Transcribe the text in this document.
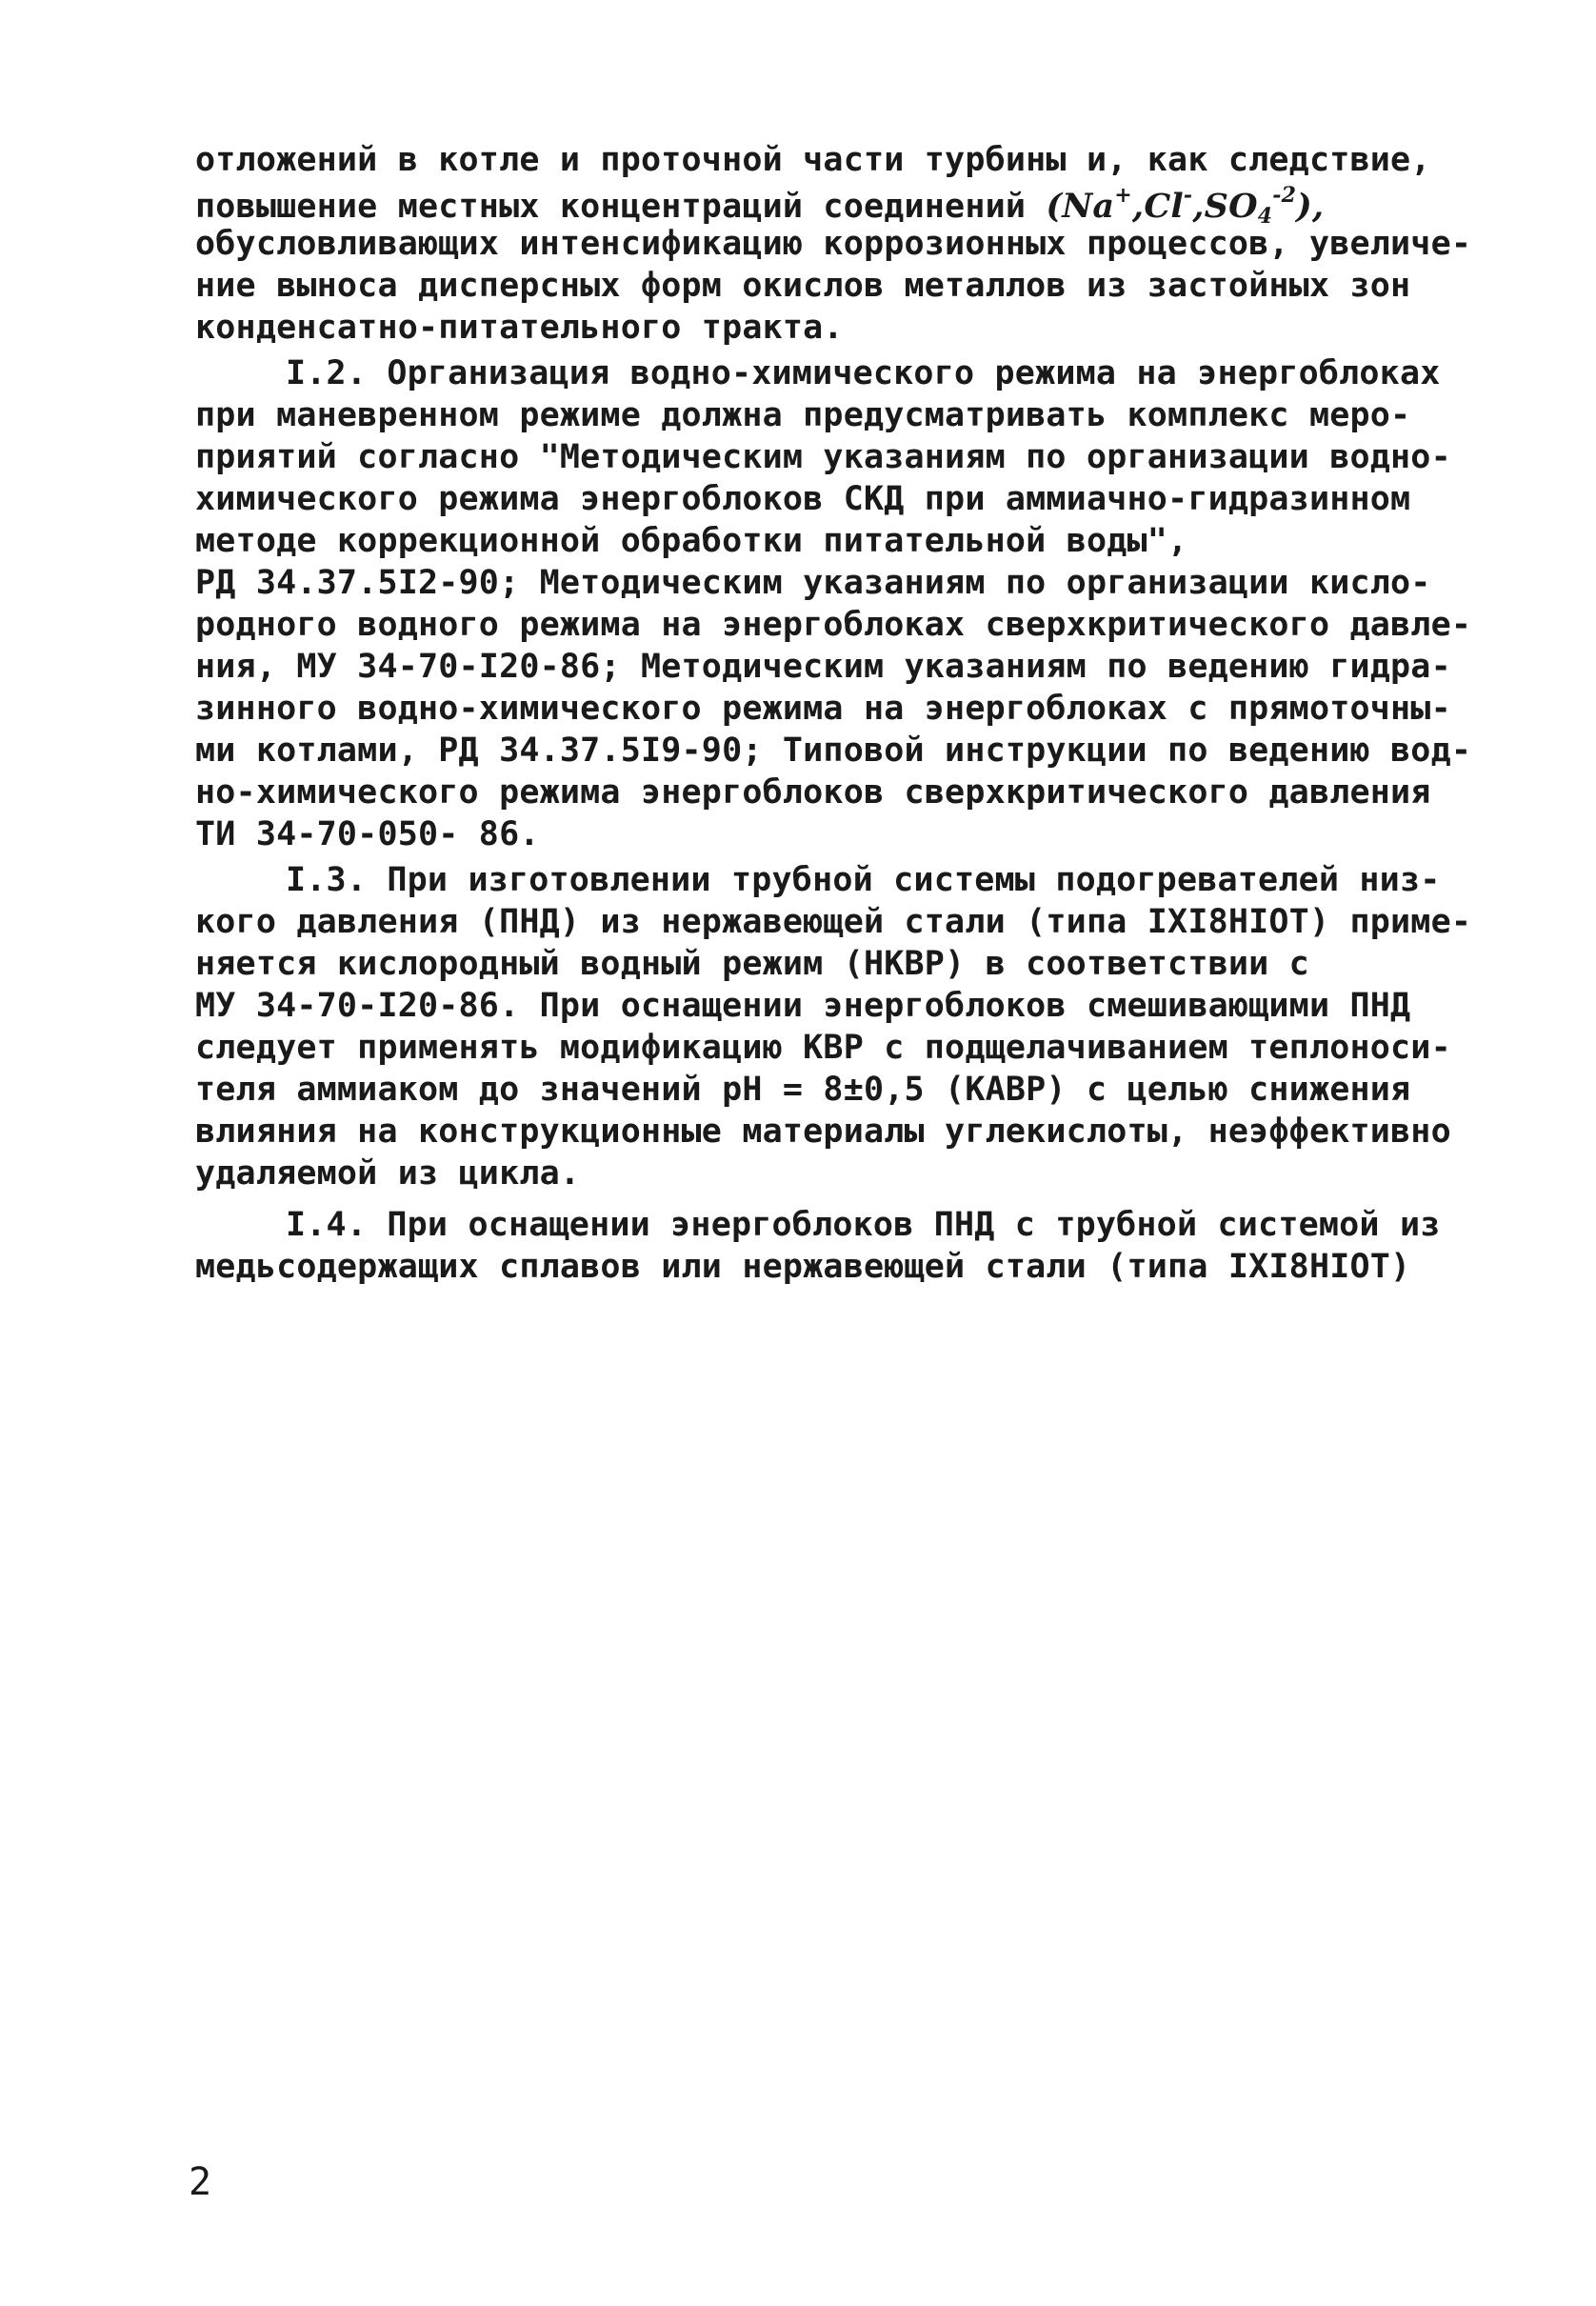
отложений в котле и проточной части турбины и, как следствие,
повышение местных концентраций соединений $(Na^+,Cl^-,SO_4^{-2})$,
обусловливающих интенсификацию коррозионных процессов, увеличе-
ние выноса дисперсных форм окислов металлов из застойных зон
конденсатно-питательного тракта.
I.2. Организация водно-химического режима на энергоблоках
при маневренном режиме должна предусматривать комплекс меро-
приятий согласно "Методическим указаниям по организации водно-
химического режима энергоблоков СКД при аммиачно-гидразинном
методе коррекционной обработки питательной воды",
РД 34.37.5I2-90; Методическим указаниям по организации кисло-
родного водного режима на энергоблоках сверхкритического давле-
ния, МУ 34-70-I20-86; Методическим указаниям по ведению гидра-
зинного водно-химического режима на энергоблоках с прямоточны-
ми котлами, РД 34.37.5I9-90; Типовой инструкции по ведению вод-
но-химического режима энергоблоков сверхкритического давления
ТИ 34-70-050- 86.
I.3. При изготовлении трубной системы подогревателей низ-
кого давления (ПНД) из нержавеющей стали (типа IXI8HIOT) приме-
няется кислородный водный режим (НКВР) в соответствии с
МУ 34-70-I20-86. При оснащении энергоблоков смешивающими ПНД
следует применять модификацию КВР с подщелачиванием теплоноси-
теля аммиаком до значений pH = 8±0,5 (КАВР) с целью снижения
влияния на конструкционные материалы углекислоты, неэффективно
удаляемой из цикла.
I.4. При оснащении энергоблоков ПНД с трубной системой из
медьсодержащих сплавов или нержавеющей стали (типа IXI8HIOT)
2
